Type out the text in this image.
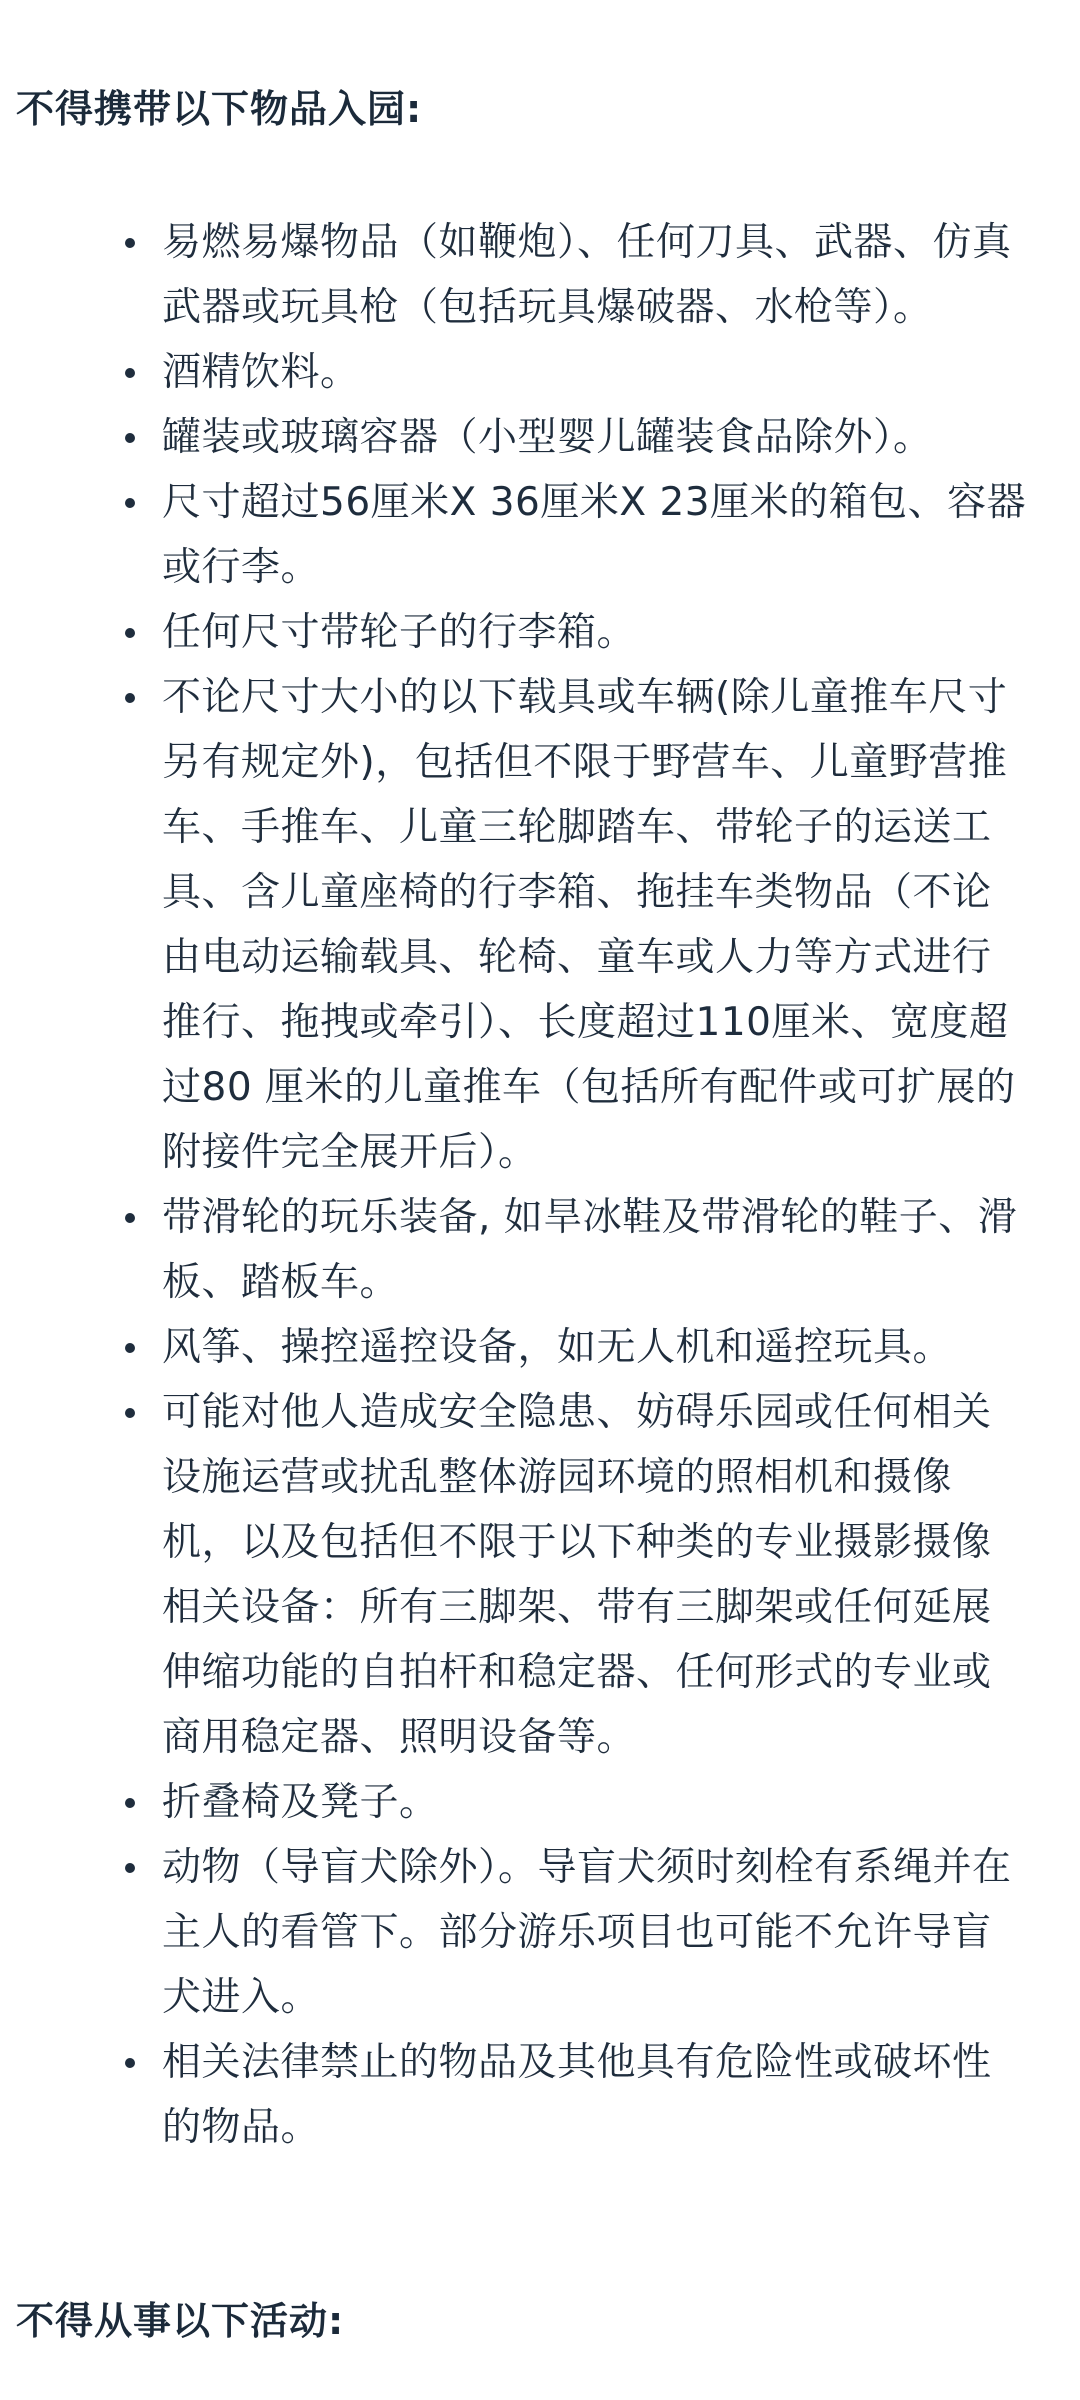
不得携带以下物品入园:
易燃易爆物品（如鞭炮）、任何刀具、武器、仿真武器或玩具枪（包括玩具爆破器、水枪等）。
酒精饮料。
罐装或玻璃容器（小型婴儿罐装食品除外）。
尺寸超过56厘米X 36厘米X 23厘米的箱包、容器或行李。
任何尺寸带轮子的行李箱。
不论尺寸大小的以下载具或车辆(除儿童推车尺寸另有规定外)，包括但不限于野营车、儿童野营推车、手推车、儿童三轮脚踏车、带轮子的运送工具、含儿童座椅的行李箱、拖挂车类物品（不论由电动运输载具、轮椅、童车或人力等方式进行推行、拖拽或牵引）、长度超过110厘米、宽度超过80 厘米的儿童推车（包括所有配件或可扩展的附接件完全展开后）。
带滑轮的玩乐装备, 如旱冰鞋及带滑轮的鞋子、滑板、踏板车。
风筝、操控遥控设备，如无人机和遥控玩具。
可能对他人造成安全隐患、妨碍乐园或任何相关设施运营或扰乱整体游园环境的照相机和摄像机，以及包括但不限于以下种类的专业摄影摄像相关设备：所有三脚架、带有三脚架或任何延展伸缩功能的自拍杆和稳定器、任何形式的专业或商用稳定器、照明设备等。
折叠椅及凳子。
动物（导盲犬除外）。导盲犬须时刻栓有系绳并在主人的看管下。部分游乐项目也可能不允许导盲犬进入。
相关法律禁止的物品及其他具有危险性或破坏性的物品。
不得从事以下活动:
